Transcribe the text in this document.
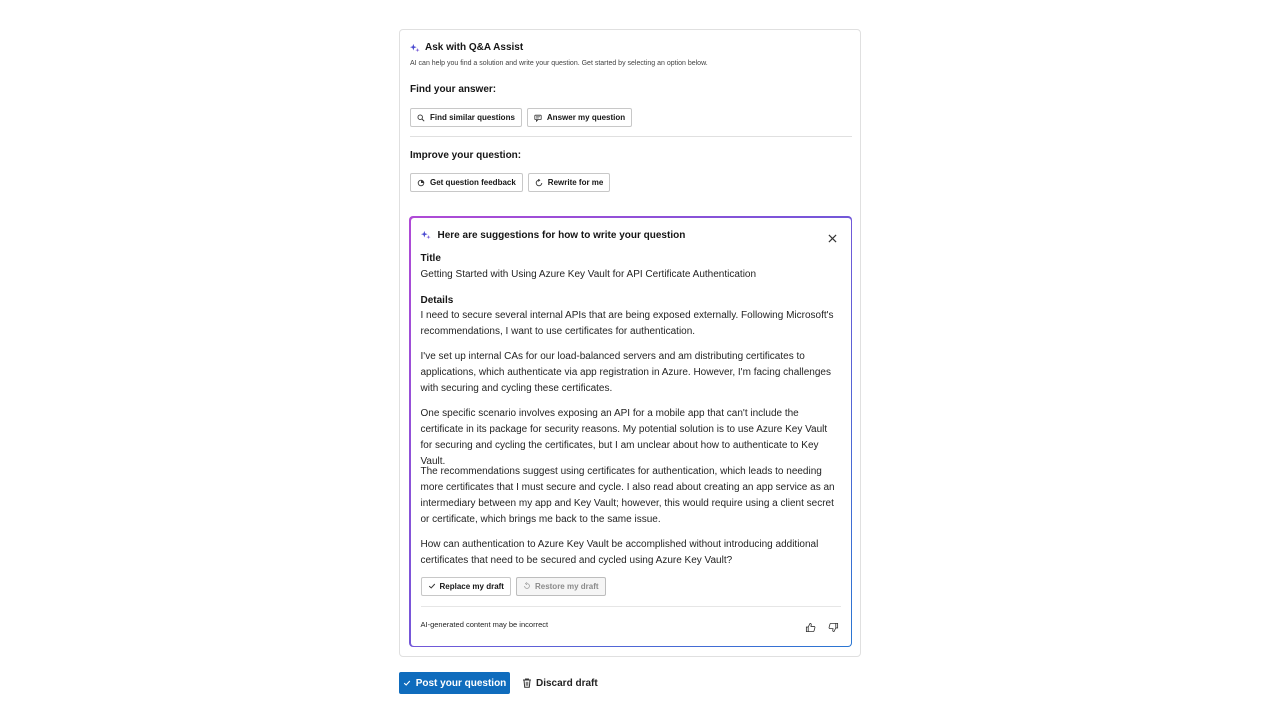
Ask with Q&A Assist
AI can help you find a solution and write your question. Get started by selecting an option below.
Find your answer:
Find similar questions	Answer my question
Improve your question:
Get question feedback	Rewrite for me
Here are suggestions for how to write your question
Title
Getting Started with Using Azure Key Vault for API Certificate Authentication
Details
I need to secure several internal APIs that are being exposed externally. Following Microsoft's recommendations, I want to use certificates for authentication.
I've set up internal CAs for our load-balanced servers and am distributing certificates to applications, which authenticate via app registration in Azure. However, I'm facing challenges with securing and cycling these certificates.
One specific scenario involves exposing an API for a mobile app that can't include the certificate in its package for security reasons. My potential solution is to use Azure Key Vault for securing and cycling the certificates, but I am unclear about how to authenticate to Key Vault.
The recommendations suggest using certificates for authentication, which leads to needing more certificates that I must secure and cycle. I also read about creating an app service as an intermediary between my app and Key Vault; however, this would require using a client secret or certificate, which brings me back to the same issue.
How can authentication to Azure Key Vault be accomplished without introducing additional certificates that need to be secured and cycled using Azure Key Vault?
Replace my draft	Restore my draft
AI-generated content may be incorrect
Post your question	Discard draft
